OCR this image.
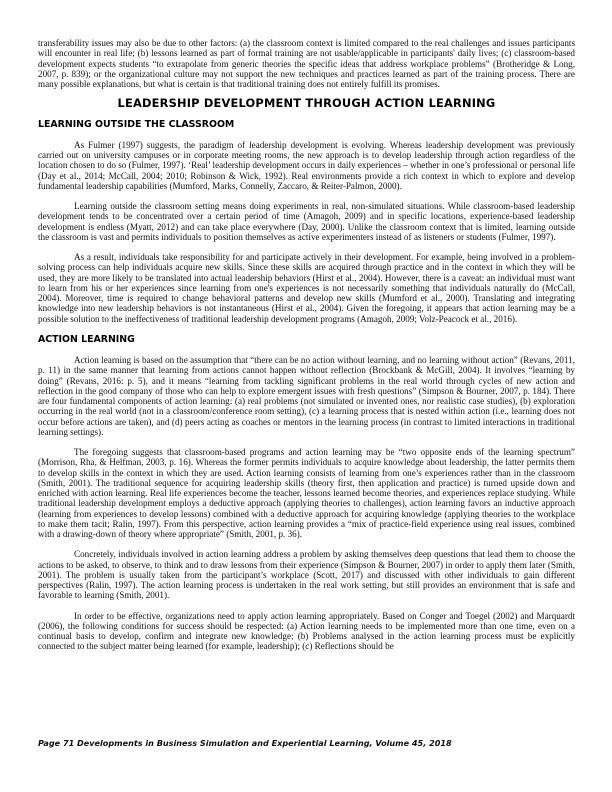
transferability issues may also be due to other factors: (a) the classroom context is limited compared to the real challenges and issues participants will encounter in real life; (b) lessons learned as part of formal training are not usable/applicable in participants' daily lives; (c) classroom-based development expects students “to extrapolate from generic theories the specific ideas that address workplace problems” (Brotheridge & Long, 2007, p. 839); or the organizational culture may not support the new techniques and practices learned as part of the training process. There are many possible explanations, but what is certain is that traditional training does not entirely fulfill its promises.

LEADERSHIP DEVELOPMENT THROUGH ACTION LEARNING
LEARNING OUTSIDE THE CLASSROOM

As Fulmer (1997) suggests, the paradigm of leadership development is evolving. Whereas leadership development was previously carried out on university campuses or in corporate meeting rooms, the new approach is to develop leadership through action regardless of the location chosen to do so (Fulmer, 1997). ‘Real’ leadership development occurs in daily experiences – whether in one’s professional or personal life (Day et al., 2014; McCall, 2004; 2010; Robinson & Wick, 1992). Real environments provide a rich context in which to explore and develop fundamental leadership capabilities (Mumford, Marks, Connelly, Zaccaro, & Reiter-Palmon, 2000).

Learning outside the classroom setting means doing experiments in real, non-simulated situations. While classroom-based leadership development tends to be concentrated over a certain period of time (Amagoh, 2009) and in specific locations, experience-based leadership development is endless (Myatt, 2012) and can take place everywhere (Day, 2000). Unlike the classroom context that is limited, learning outside the classroom is vast and permits individuals to position themselves as active experimenters instead of as listeners or students (Fulmer, 1997).

As a result, individuals take responsibility for and participate actively in their development. For example, being involved in a problem-solving process can help individuals acquire new skills. Since these skills are acquired through practice and in the context in which they will be used, they are more likely to be translated into actual leadership behaviors (Hirst et al., 2004). However, there is a caveat: an individual must want to learn from his or her experiences since learning from one's experiences is not necessarily something that individuals naturally do (McCall, 2004). Moreover, time is required to change behavioral patterns and develop new skills (Mumford et al., 2000). Translating and integrating knowledge into new leadership behaviors is not instantaneous (Hirst et al., 2004). Given the foregoing, it appears that action learning may be a possible solution to the ineffectiveness of traditional leadership development programs (Amagoh, 2009; Volz-Peacock et al., 2016).

ACTION LEARNING

Action learning is based on the assumption that “there can be no action without learning, and no learning without action” (Revans, 2011, p. 11) in the same manner that learning from actions cannot happen without reflection (Brockbank & McGill, 2004). It involves “learning by doing” (Revans, 2016: p. 5), and it means “learning from tackling significant problems in the real world through cycles of new action and reflection in the good company of those who can help to explore emergent issues with fresh questions” (Simpson & Bourner, 2007, p. 184). There are four fundamental components of action learning: (a) real problems (not simulated or invented ones, nor realistic case studies), (b) exploration occurring in the real world (not in a classroom/conference room setting), (c) a learning process that is nested within action (i.e., learning does not occur before actions are taken), and (d) peers acting as coaches or mentors in the learning process (in contrast to limited interactions in traditional learning settings).

The foregoing suggests that classroom-based programs and action learning may be “two opposite ends of the learning spectrum” (Morrison, Rha, & Helfman, 2003, p. 16). Whereas the former permits individuals to acquire knowledge about leadership, the latter permits them to develop skills in the context in which they are used. Action learning consists of learning from one’s experiences rather than in the classroom (Smith, 2001). The traditional sequence for acquiring leadership skills (theory first, then application and practice) is turned upside down and enriched with action learning. Real life experiences become the teacher, lessons learned become theories, and experiences replace studying. While traditional leadership development employs a deductive approach (applying theories to challenges), action learning favors an inductive approach (learning from experiences to develop lessons) combined with a deductive approach for acquiring knowledge (applying theories to the workplace to make them tacit; Ralin, 1997). From this perspective, action learning provides a “mix of practice-field experience using real issues, combined with a drawing-down of theory where appropriate” (Smith, 2001, p. 36).

Concretely, individuals involved in action learning address a problem by asking themselves deep questions that lead them to choose the actions to be asked, to observe, to think and to draw lessons from their experience (Simpson & Bourner, 2007) in order to apply them later (Smith, 2001). The problem is usually taken from the participant’s workplace (Scott, 2017) and discussed with other individuals to gain different perspectives (Ralin, 1997). The action learning process is undertaken in the real work setting, but still provides an environment that is safe and favorable to learning (Smith, 2001).

In order to be effective, organizations need to apply action learning appropriately. Based on Conger and Toegel (2002) and Marquardt (2006), the following conditions for success should be respected: (a) Action learning needs to be implemented more than one time, even on a continual basis to develop, confirm and integrate new knowledge; (b) Problems analysed in the action learning process must be explicitly connected to the subject matter being learned (for example, leadership); (c) Reflections should be

Page 71 Developments in Business Simulation and Experiential Learning, Volume 45, 2018
